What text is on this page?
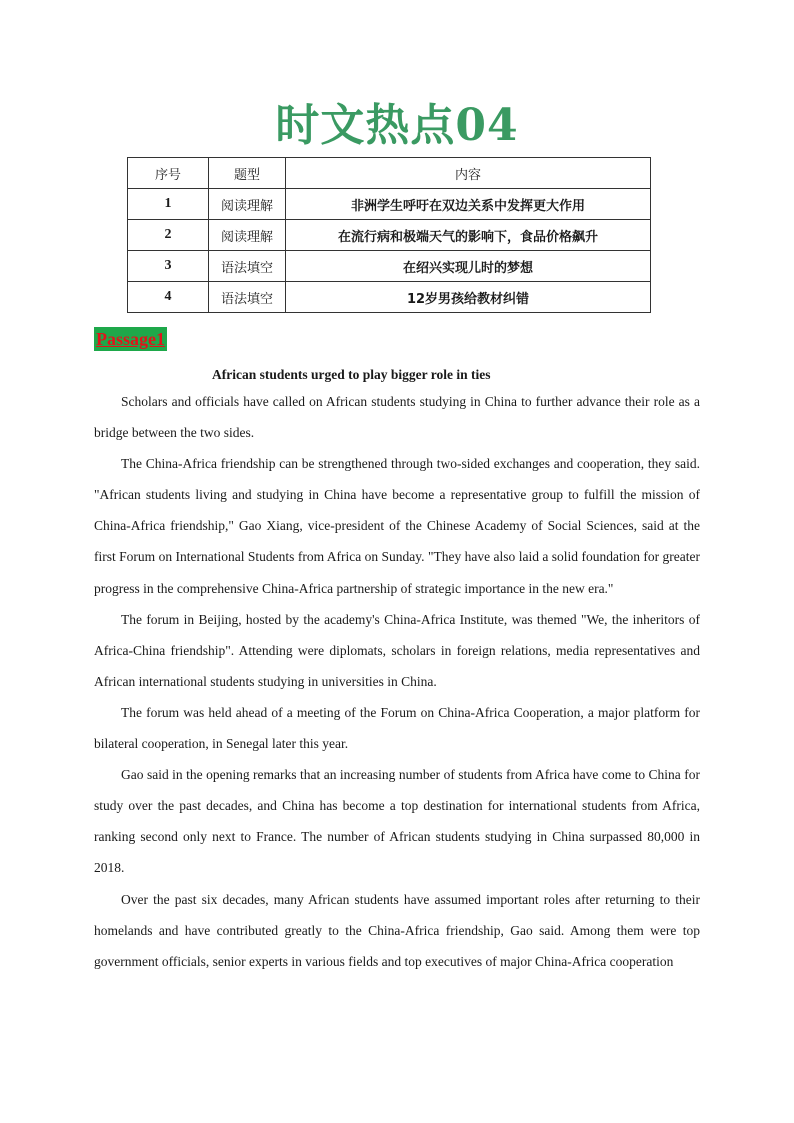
时文热点04
序号	题型	内容
1	阅读理解	非洲学生呼吁在双边关系中发挥更大作用
2	阅读理解	在流行病和极端天气的影响下，食品价格飙升
3	语法填空	在绍兴实现儿时的梦想
4	语法填空	12岁男孩给教材纠错
Passage1
African students urged to play bigger role in ties

Scholars and officials have called on African students studying in China to further advance their role as a bridge between the two sides.

The China-Africa friendship can be strengthened through two-sided exchanges and cooperation, they said. "African students living and studying in China have become a representative group to fulfill the mission of China-Africa friendship," Gao Xiang, vice-president of the Chinese Academy of Social Sciences, said at the first Forum on International Students from Africa on Sunday. "They have also laid a solid foundation for greater progress in the comprehensive China-Africa partnership of strategic importance in the new era."

The forum in Beijing, hosted by the academy's China-Africa Institute, was themed "We, the inheritors of Africa-China friendship". Attending were diplomats, scholars in foreign relations, media representatives and African international students studying in universities in China.

The forum was held ahead of a meeting of the Forum on China-Africa Cooperation, a major platform for bilateral cooperation, in Senegal later this year.

Gao said in the opening remarks that an increasing number of students from Africa have come to China for study over the past decades, and China has become a top destination for international students from Africa, ranking second only next to France. The number of African students studying in China surpassed 80,000 in 2018.

Over the past six decades, many African students have assumed important roles after returning to their homelands and have contributed greatly to the China-Africa friendship, Gao said. Among them were top government officials, senior experts in various fields and top executives of major China-Africa cooperation
